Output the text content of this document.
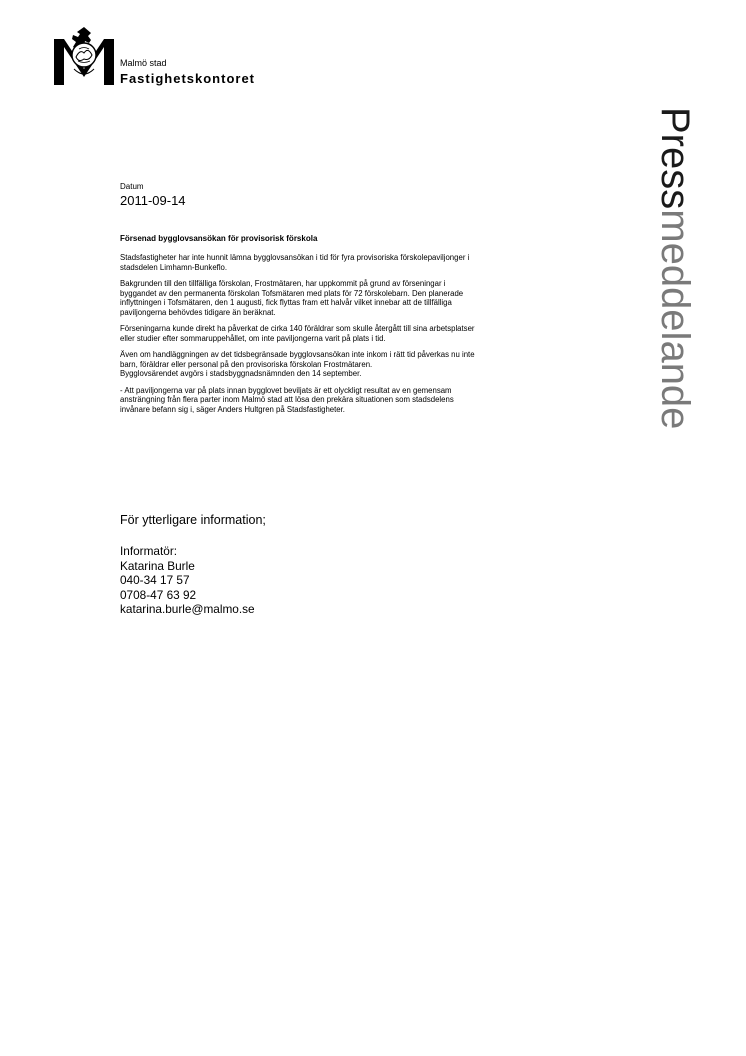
Malmö stad
Fastighetskontoret
Pressmeddelande
Datum
2011-09-14
Försenad bygglovsansökan för provisorisk förskola

Stadsfastigheter har inte hunnit lämna bygglovsansökan i tid för fyra provisoriska förskolepaviljonger i
stadsdelen Limhamn-Bunkeflo.

Bakgrunden till den tillfälliga förskolan, Frostmätaren, har uppkommit på grund av förseningar i
byggandet av den permanenta förskolan Tofsmätaren med plats för 72 förskolebarn. Den planerade
inflyttningen i Tofsmätaren, den 1 augusti, fick flyttas fram ett halvår vilket innebar att de tillfälliga
paviljongerna behövdes tidigare än beräknat.

Förseningarna kunde direkt ha påverkat de cirka 140 föräldrar som skulle återgått till sina arbetsplatser
eller studier efter sommaruppehållet, om inte paviljongerna varit på plats i tid.

Även om handläggningen av det tidsbegränsade bygglovsansökan inte inkom i rätt tid påverkas nu inte
barn, föräldrar eller personal på den provisoriska förskolan Frostmätaren.
Bygglovsärendet avgörs i stadsbyggnadsnämnden den 14 september.

- Att paviljongerna var på plats innan bygglovet beviljats är ett olyckligt resultat av en gemensam
ansträngning från flera parter inom Malmö stad att lösa den prekära situationen som stadsdelens
invånare befann sig i, säger Anders Hultgren på Stadsfastigheter.

För ytterligare information;
Informatör:
Katarina Burle
040-34 17 57
0708-47 63 92
katarina.burle@malmo.se
